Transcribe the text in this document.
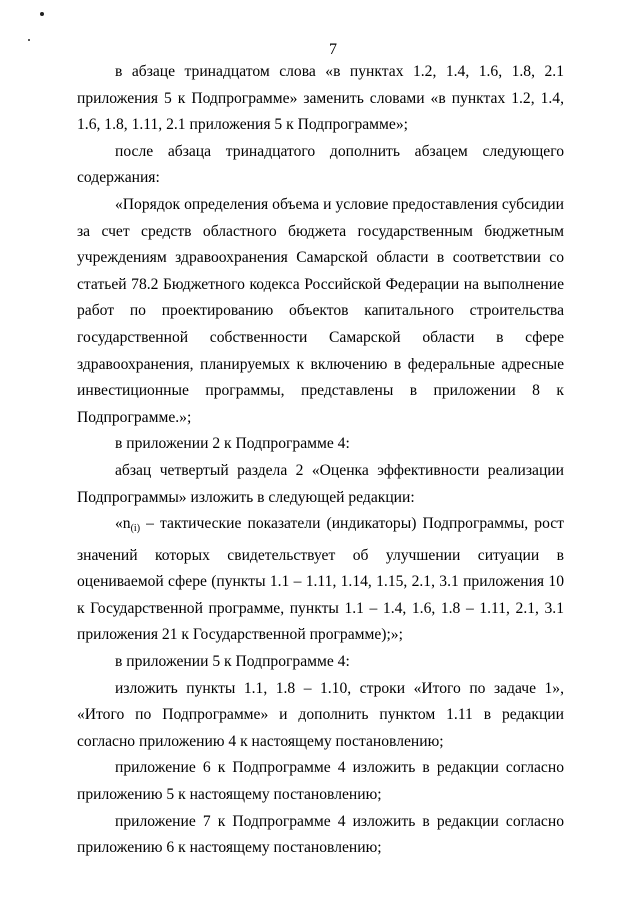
7

в абзаце тринадцатом слова «в пунктах 1.2, 1.4, 1.6, 1.8, 2.1 приложения 5 к Подпрограмме» заменить словами «в пунктах 1.2, 1.4, 1.6, 1.8, 1.11, 2.1 приложения 5 к Подпрограмме»;

после абзаца тринадцатого дополнить абзацем следующего содержания:

«Порядок определения объема и условие предоставления субсидии за счет средств областного бюджета государственным бюджетным учреждениям здравоохранения Самарской области в соответствии со статьей 78.2 Бюджетного кодекса Российской Федерации на выполнение работ по проектированию объектов капитального строительства государственной собственности Самарской области в сфере здравоохранения, планируемых к включению в федеральные адресные инвестиционные программы, представлены в приложении 8 к Подпрограмме.»;

в приложении 2 к Подпрограмме 4:

абзац четвертый раздела 2 «Оценка эффективности реализации Подпрограммы» изложить в следующей редакции:

«$n_{(i)}$ – тактические показатели (индикаторы) Подпрограммы, рост значений которых свидетельствует об улучшении ситуации в оцениваемой сфере (пункты 1.1 – 1.11, 1.14, 1.15, 2.1, 3.1 приложения 10 к Государственной программе, пункты 1.1 – 1.4, 1.6, 1.8 – 1.11, 2.1, 3.1 приложения 21 к Государственной программе);»;

в приложении 5 к Подпрограмме 4:

изложить пункты 1.1, 1.8 – 1.10, строки «Итого по задаче 1», «Итого по Подпрограмме» и дополнить пунктом 1.11 в редакции согласно приложению 4 к настоящему постановлению;

приложение 6 к Подпрограмме 4 изложить в редакции согласно приложению 5 к настоящему постановлению;

приложение 7 к Подпрограмме 4 изложить в редакции согласно приложению 6 к настоящему постановлению;
